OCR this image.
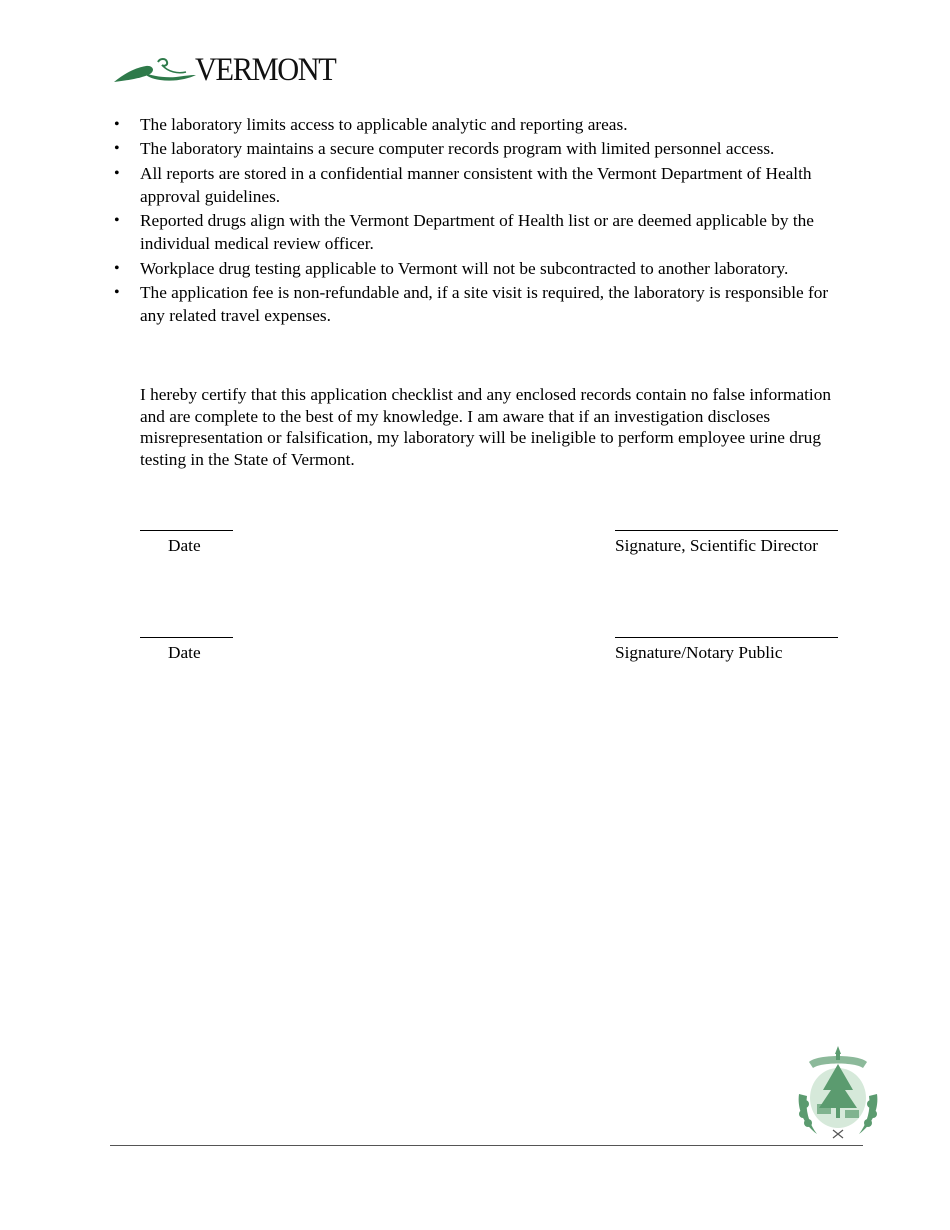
VERMONT
• The laboratory limits access to applicable analytic and reporting areas.
• The laboratory maintains a secure computer records program with limited personnel access.
• All reports are stored in a confidential manner consistent with the Vermont Department of Health approval guidelines.
• Reported drugs align with the Vermont Department of Health list or are deemed applicable by the individual medical review officer.
• Workplace drug testing applicable to Vermont will not be subcontracted to another laboratory.
• The application fee is non-refundable and, if a site visit is required, the laboratory is responsible for any related travel expenses.

I hereby certify that this application checklist and any enclosed records contain no false information and are complete to the best of my knowledge. I am aware that if an investigation discloses misrepresentation or falsification, my laboratory will be ineligible to perform employee urine drug testing in the State of Vermont.

Date	Signature, Scientific Director
Date	Signature/Notary Public
